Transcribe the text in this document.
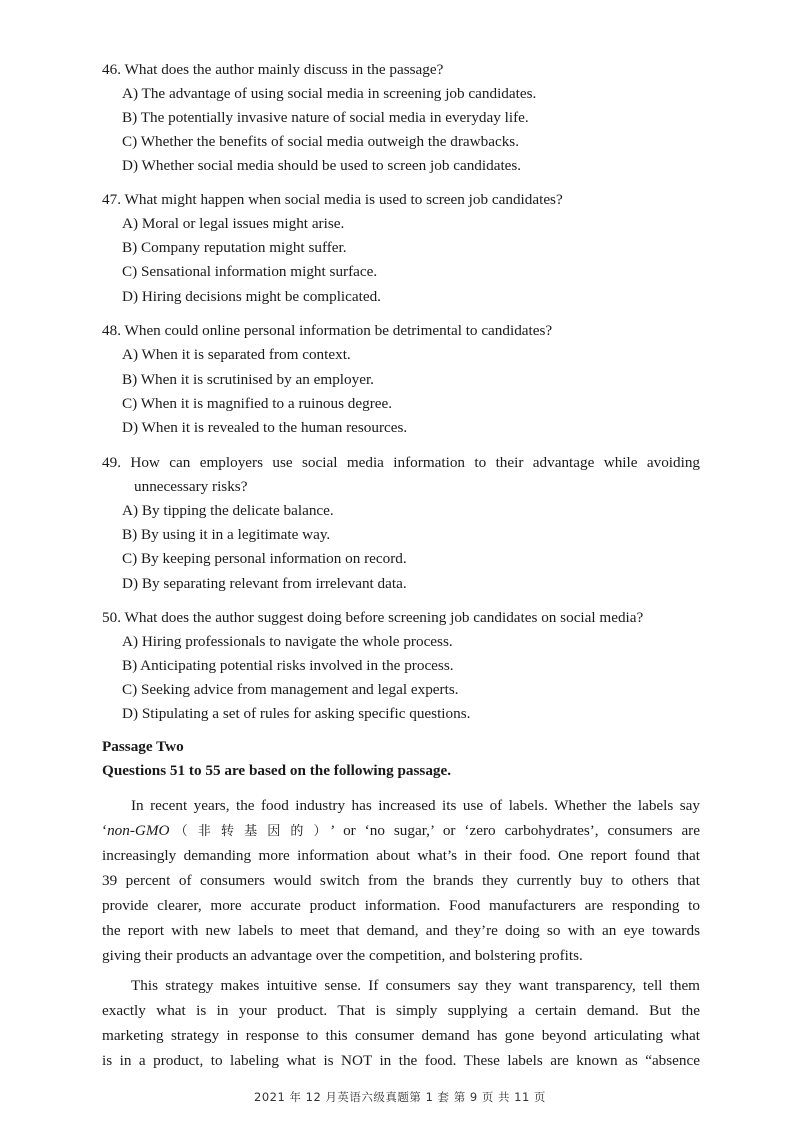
46. What does the author mainly discuss in the passage?
A) The advantage of using social media in screening job candidates.
B) The potentially invasive nature of social media in everyday life.
C) Whether the benefits of social media outweigh the drawbacks.
D) Whether social media should be used to screen job candidates.
47. What might happen when social media is used to screen job candidates?
A) Moral or legal issues might arise.
B) Company reputation might suffer.
C) Sensational information might surface.
D) Hiring decisions might be complicated.
48. When could online personal information be detrimental to candidates?
A) When it is separated from context.
B) When it is scrutinised by an employer.
C) When it is magnified to a ruinous degree.
D) When it is revealed to the human resources.
49. How can employers use social media information to their advantage while avoiding
unnecessary risks?
A) By tipping the delicate balance.
B) By using it in a legitimate way.
C) By keeping personal information on record.
D) By separating relevant from irrelevant data.
50. What does the author suggest doing before screening job candidates on social media?
A) Hiring professionals to navigate the whole process.
B) Anticipating potential risks involved in the process.
C) Seeking advice from management and legal experts.
D) Stipulating a set of rules for asking specific questions.
Passage Two
Questions 51 to 55 are based on the following passage.
In recent years, the food industry has increased its use of labels. Whether the labels say
‘non-GMO（非转基因的）’ or ‘no sugar,’ or ‘zero carbohydrates’, consumers are
increasingly demanding more information about what’s in their food. One report found that
39 percent of consumers would switch from the brands they currently buy to others that
provide clearer, more accurate product information. Food manufacturers are responding to
the report with new labels to meet that demand, and they’re doing so with an eye towards
giving their products an advantage over the competition, and bolstering profits.
This strategy makes intuitive sense. If consumers say they want transparency, tell them
exactly what is in your product. That is simply supplying a certain demand. But the
marketing strategy in response to this consumer demand has gone beyond articulating what
is in a product, to labeling what is NOT in the food. These labels are known as “absence
2021 年 12 月英语六级真题第 1 套 第 9 页 共 11 页
